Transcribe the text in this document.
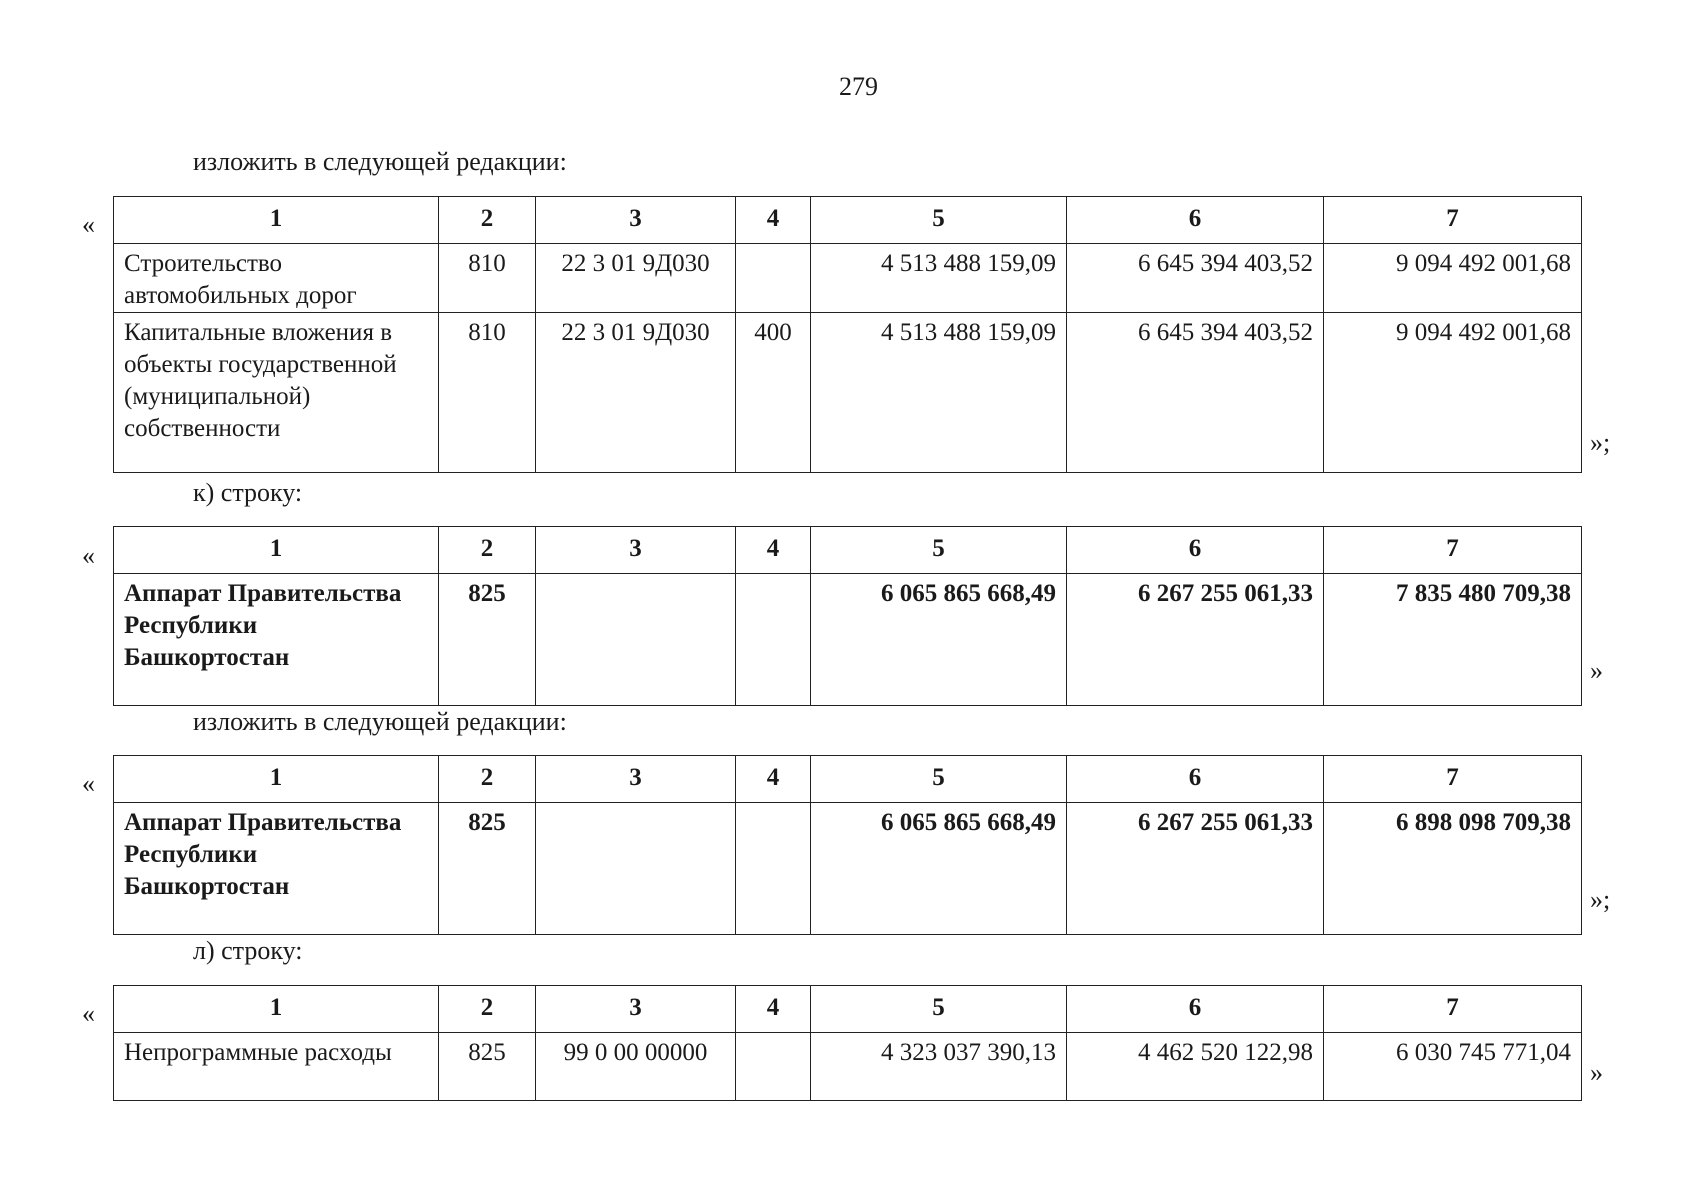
279
изложить в следующей редакции:
«	1	2	3	4	5	6	7
Строительство автомобильных дорог	810	22 3 01 9Д030		4 513 488 159,09	6 645 394 403,52	9 094 492 001,68
Капитальные вложения в объекты государственной (муниципальной) собственности	810	22 3 01 9Д030	400	4 513 488 159,09	6 645 394 403,52	9 094 492 001,68
»;
к) строку:
«	1	2	3	4	5	6	7
Аппарат Правительства Республики Башкортостан	825			6 065 865 668,49	6 267 255 061,33	7 835 480 709,38
»
изложить в следующей редакции:
«	1	2	3	4	5	6	7
Аппарат Правительства Республики Башкортостан	825			6 065 865 668,49	6 267 255 061,33	6 898 098 709,38
»;
л) строку:
«	1	2	3	4	5	6	7
Непрограммные расходы	825	99 0 00 00000		4 323 037 390,13	4 462 520 122,98	6 030 745 771,04
»
